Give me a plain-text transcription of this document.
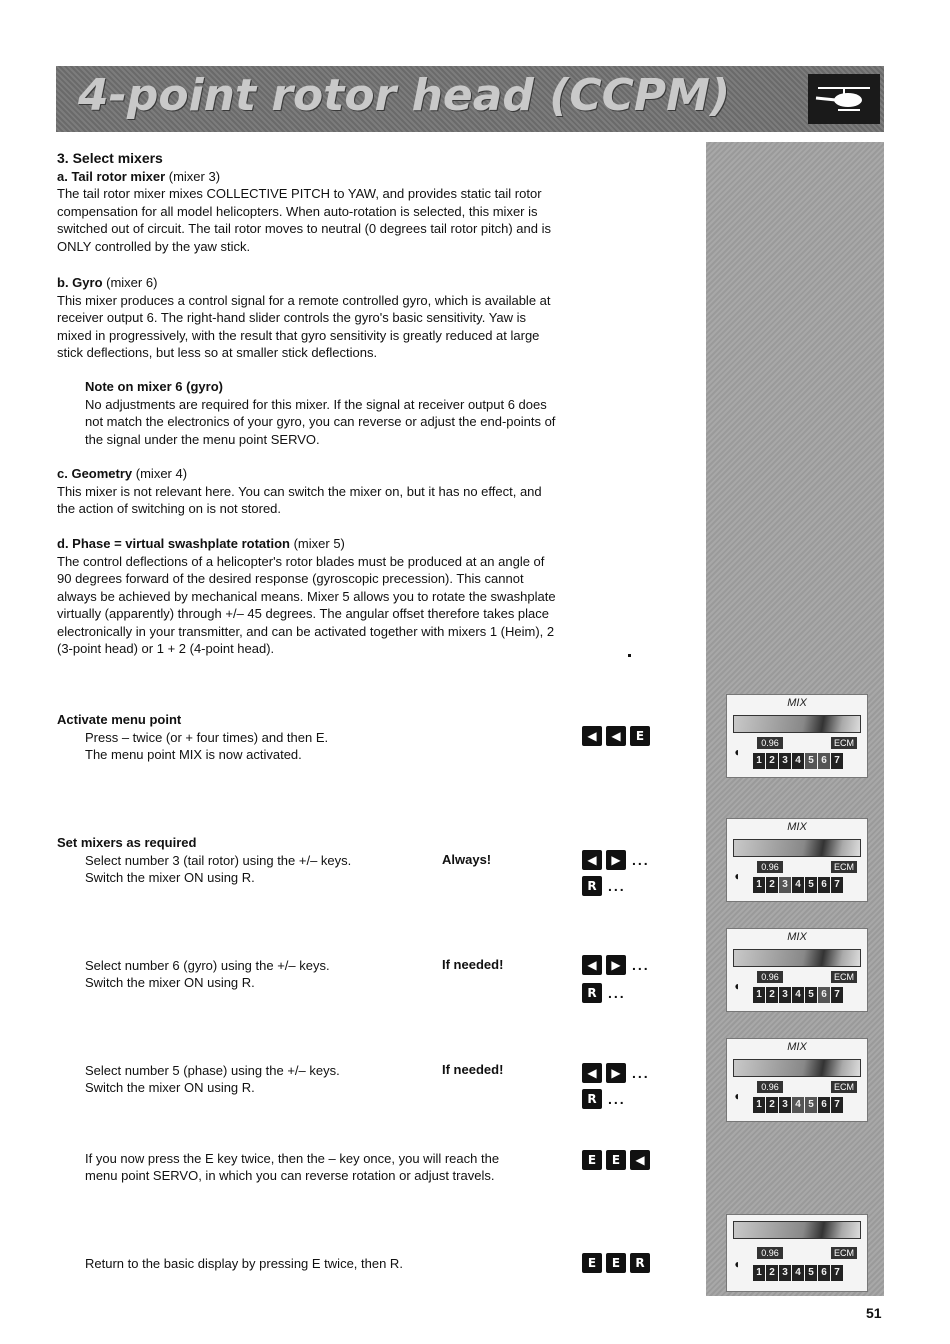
4-point rotor head (CCPM)
3. Select mixers

a. Tail rotor mixer (mixer 3)

The tail rotor mixer mixes COLLECTIVE PITCH to YAW, and provides static tail rotor compensation for all model helicopters. When auto-rotation is selected, this mixer is switched out of circuit. The tail rotor moves to neutral (0 degrees tail rotor pitch) and is ONLY controlled by the yaw stick.

b. Gyro (mixer 6)

This mixer produces a control signal for a remote controlled gyro, which is available at receiver output 6. The right-hand slider controls the gyro's basic sensitivity. Yaw is mixed in progressively, with the result that gyro sensitivity is greatly reduced at large stick deflections, but less so at smaller stick deflections.

Note on mixer 6 (gyro)

No adjustments are required for this mixer. If the signal at receiver output 6 does not match the electronics of your gyro, you can reverse or adjust the end-points of the signal under the menu point SERVO.

c. Geometry (mixer 4)

This mixer is not relevant here. You can switch the mixer on, but it has no effect, and the action of switching on is not stored.

d. Phase = virtual swashplate rotation (mixer 5)

The control deflections of a helicopter's rotor blades must be produced at an angle of 90 degrees forward of the desired response (gyroscopic precession). This cannot always be achieved by mechanical means. Mixer 5 allows you to rotate the swashplate virtually (apparently) through +/– 45 degrees. The angular offset therefore takes place electronically in your transmitter, and can be activated together with mixers 1 (Heim), 2 (3-point head) or 1 + 2 (4-point head).

Activate menu point
Press – twice (or + four times) and then E.
The menu point MIX is now activated.
◀	◀	E
Set mixers as required
Select number 3 (tail rotor) using the +/– keys.
Switch the mixer ON using R.
Always!	◀	▶ ...
R ...
Select number 6 (gyro) using the +/– keys.
Switch the mixer ON using R.
If needed!	◀	▶ ...
R ...
Select number 5 (phase) using the +/– keys.
Switch the mixer ON using R.
If needed!	◀	▶ ...
R ...
If you now press the E key twice, then the – key once, you will reach the
menu point SERVO, in which you can reverse rotation or adjust travels.
E	E	◀
Return to the basic display by pressing E twice, then R.	E	E	R
MIX
0.96	ECM
◖
1 2 3 4 5 6 7
MIX
0.96	ECM
◖
1 2 3 4 5 6 7
MIX
0.96	ECM
◖
1 2 3 4 5 6 7
MIX
0.96	ECM
◖
1 2 3 4 5 6 7
0.96	ECM
◖
1 2 3 4 5 6 7
51
